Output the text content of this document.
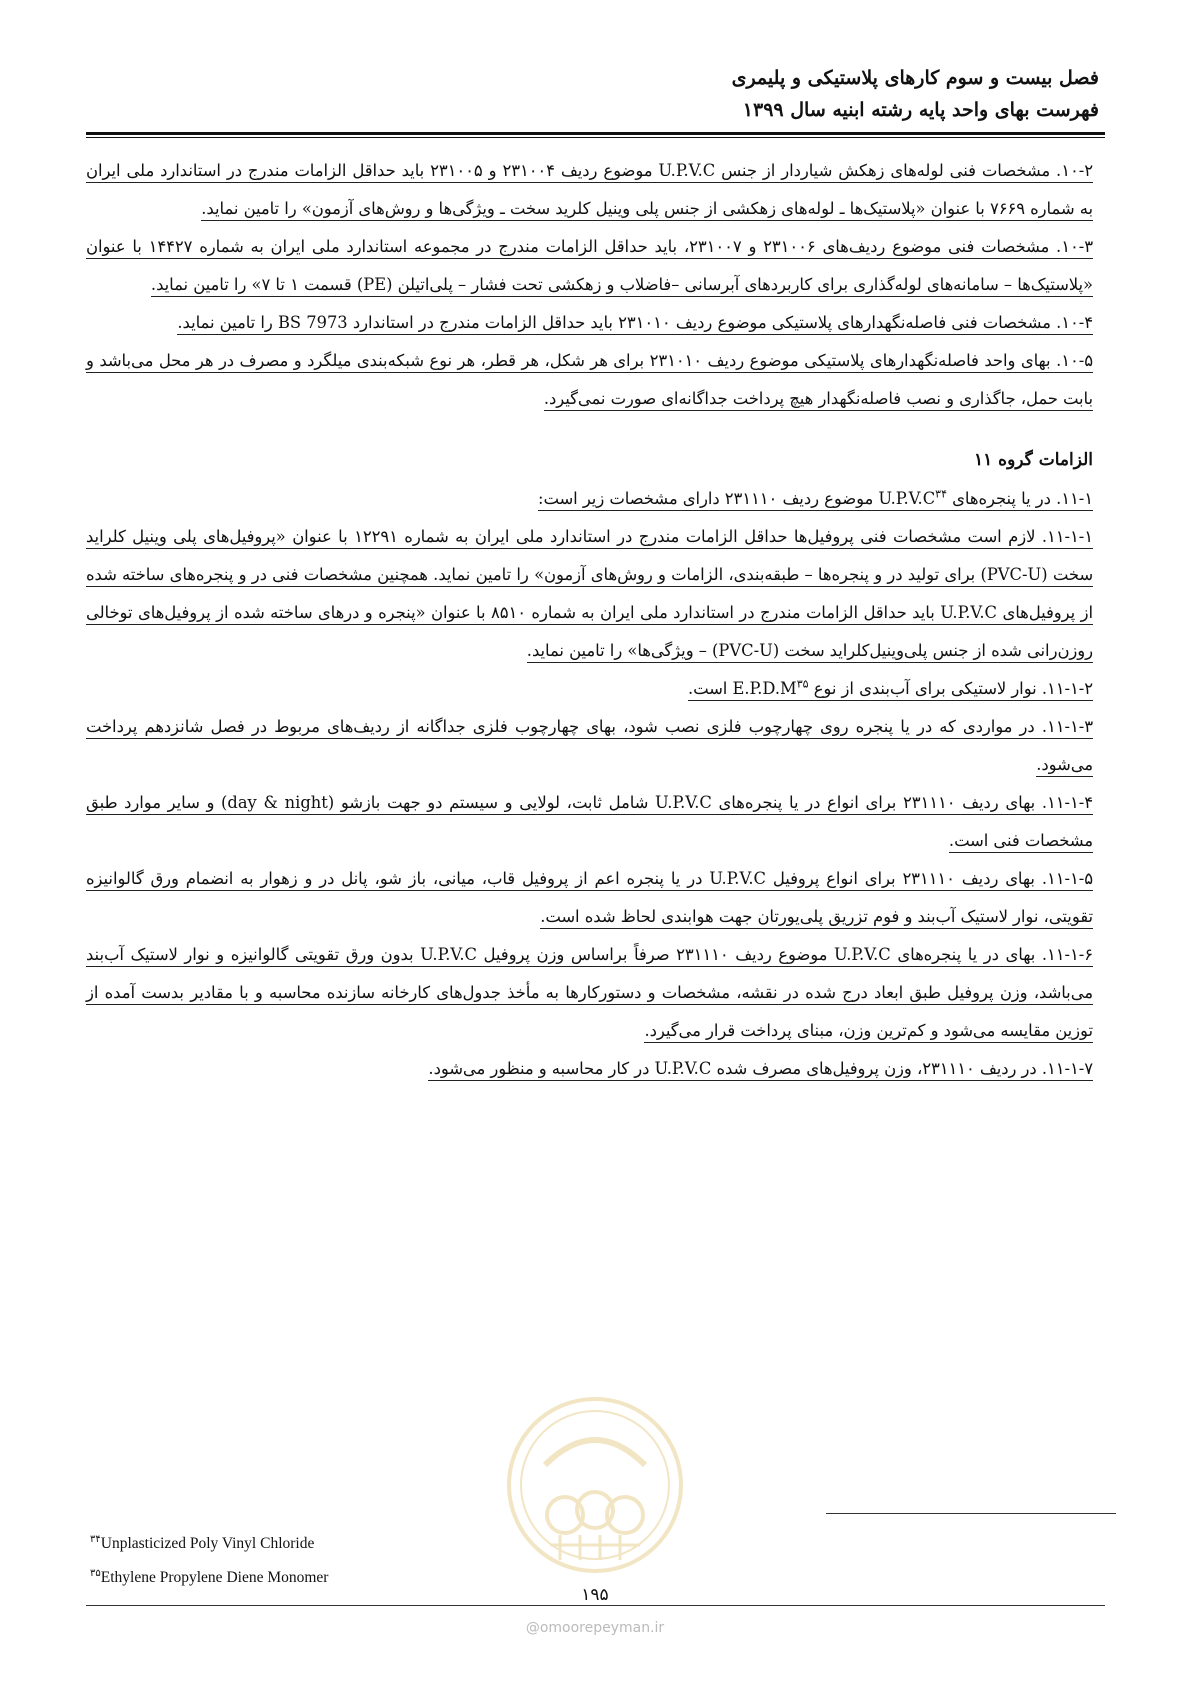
فصل بیست و سوم کارهای پلاستیکی و پلیمری
فهرست بهای واحد پایه رشته ابنیه سال ۱۳۹۹

۱۰-۲. مشخصات فنی لوله‌های زهکش شیاردار از جنس U.P.V.C موضوع ردیف ۲۳۱۰۰۴ و ۲۳۱۰۰۵ باید حداقل الزامات مندرج در استاندارد ملی ایران به شماره ۷۶۶۹ با عنوان «پلاستیک‌ها ـ لوله‌های زهکشی از جنس پلی وینیل کلرید سخت ـ ویژگی‌ها و روش‌های آزمون» را تامین نماید.

۱۰-۳. مشخصات فنی موضوع ردیف‌های ۲۳۱۰۰۶ و ۲۳۱۰۰۷، باید حداقل الزامات مندرج در مجموعه استاندارد ملی ایران به شماره ۱۴۴۲۷ با عنوان «پلاستیک‌ها – سامانه‌های لوله‌گذاری برای کاربردهای آبرسانی –فاضلاب و زهکشی تحت فشار – پلی‌اتیلن (PE) قسمت ۱ تا ۷» را تامین نماید.

۱۰-۴. مشخصات فنی فاصله‌نگهدارهای پلاستیکی موضوع ردیف ۲۳۱۰۱۰ باید حداقل الزامات مندرج در استاندارد BS 7973 را تامین نماید.

۱۰-۵. بهای واحد فاصله‌نگهدارهای پلاستیکی موضوع ردیف ۲۳۱۰۱۰ برای هر شکل، هر قطر، هر نوع شبکه‌بندی میلگرد و مصرف در هر محل می‌باشد و بابت حمل، جاگذاری و نصب فاصله‌نگهدار هیچ پرداخت جداگانه‌ای صورت نمی‌گیرد.

الزامات گروه ۱۱

۱۱-۱. در یا پنجره‌های $U.P.V.C^{۳۴}$ موضوع ردیف ۲۳۱۱۱۰ دارای مشخصات زیر است:

۱۱-۱-۱. لازم است مشخصات فنی پروفیل‌ها حداقل الزامات مندرج در استاندارد ملی ایران به شماره ۱۲۲۹۱ با عنوان «پروفیل‌های پلی وینیل کلراید سخت (PVC-U) برای تولید در و پنجره‌ها – طبقه‌بندی، الزامات و روش‌های آزمون» را تامین نماید. همچنین مشخصات فنی در و پنجره‌های ساخته شده از پروفیل‌های U.P.V.C باید حداقل الزامات مندرج در استاندارد ملی ایران به شماره ۸۵۱۰ با عنوان «پنجره و درهای ساخته شده از پروفیل‌های توخالی روزن‌رانی شده از جنس پلی‌وینیل‌کلراید سخت (PVC-U) – ویژگی‌ها» را تامین نماید.

۱۱-۱-۲. نوار لاستیکی برای آب‌بندی از نوع $E.P.D.M^{۳۵}$ است.

۱۱-۱-۳. در مواردی که در یا پنجره روی چهارچوب فلزی نصب شود، بهای چهارچوب فلزی جداگانه از ردیف‌های مربوط در فصل شانزدهم پرداخت می‌شود.

۱۱-۱-۴. بهای ردیف ۲۳۱۱۱۰ برای انواع در یا پنجره‌های U.P.V.C شامل ثابت، لولایی و سیستم دو جهت بازشو (day & night) و سایر موارد طبق مشخصات فنی است.

۱۱-۱-۵. بهای ردیف ۲۳۱۱۱۰ برای انواع پروفیل U.P.V.C در یا پنجره اعم از پروفیل قاب، میانی، باز شو، پانل در و زهوار به انضمام ورق گالوانیزه تقویتی، نوار لاستیک آب‌بند و فوم تزریق پلی‌یورتان جهت هوابندی لحاظ شده است.

۱۱-۱-۶. بهای در یا پنجره‌های U.P.V.C موضوع ردیف ۲۳۱۱۱۰ صرفاً براساس وزن پروفیل U.P.V.C بدون ورق تقویتی گالوانیزه و نوار لاستیک آب‌بند می‌باشد، وزن پروفیل طبق ابعاد درج شده در نقشه، مشخصات و دستورکارها به مأخذ جدول‌های کارخانه سازنده محاسبه و با مقادیر بدست آمده از توزین مقایسه می‌شود و کم‌ترین وزن، مبنای پرداخت قرار می‌گیرد.

۱۱-۱-۷. در ردیف ۲۳۱۱۱۰، وزن پروفیل‌های مصرف شده U.P.V.C در کار محاسبه و منظور می‌شود.

$^{۳۴}$Unplasticized Poly Vinyl Chloride
$^{۳۵}$Ethylene Propylene Diene Monomer
۱۹۵
@omoorepeyman.ir
